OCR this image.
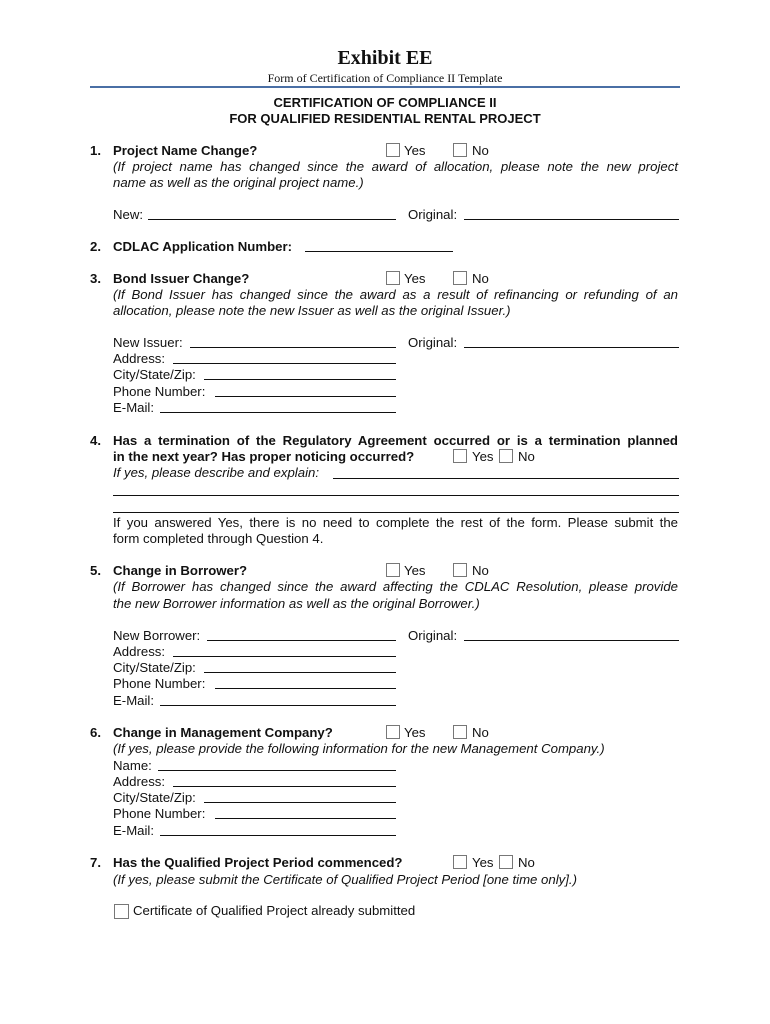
Exhibit EE
Form of Certification of Compliance II Template
CERTIFICATION OF COMPLIANCE II
FOR QUALIFIED RESIDENTIAL RENTAL PROJECT
1. Project Name Change?	Yes	No
(If project name has changed since the award of allocation, please note the new project
name as well as the original project name.)
New:	Original:
2. CDLAC Application Number:
3. Bond Issuer Change?	Yes	No
(If Bond Issuer has changed since the award as a result of refinancing or refunding of an
allocation, please note the new Issuer as well as the original Issuer.)
New Issuer:	Original:
Address:
City/State/Zip:
Phone Number:
E-Mail:
4. Has a termination of the Regulatory Agreement occurred or is a termination planned
in the next year? Has proper noticing occurred?	Yes No
If yes, please describe and explain:
If you answered Yes, there is no need to complete the rest of the form. Please submit the
form completed through Question 4.
5. Change in Borrower?	Yes	No
(If Borrower has changed since the award affecting the CDLAC Resolution, please provide
the new Borrower information as well as the original Borrower.)
New Borrower:	Original:
Address:
City/State/Zip:
Phone Number:
E-Mail:
6. Change in Management Company?	Yes	No
(If yes, please provide the following information for the new Management Company.)
Name:
Address:
City/State/Zip:
Phone Number:
E-Mail:
7. Has the Qualified Project Period commenced?	Yes No
(If yes, please submit the Certificate of Qualified Project Period [one time only].)
Certificate of Qualified Project already submitted
